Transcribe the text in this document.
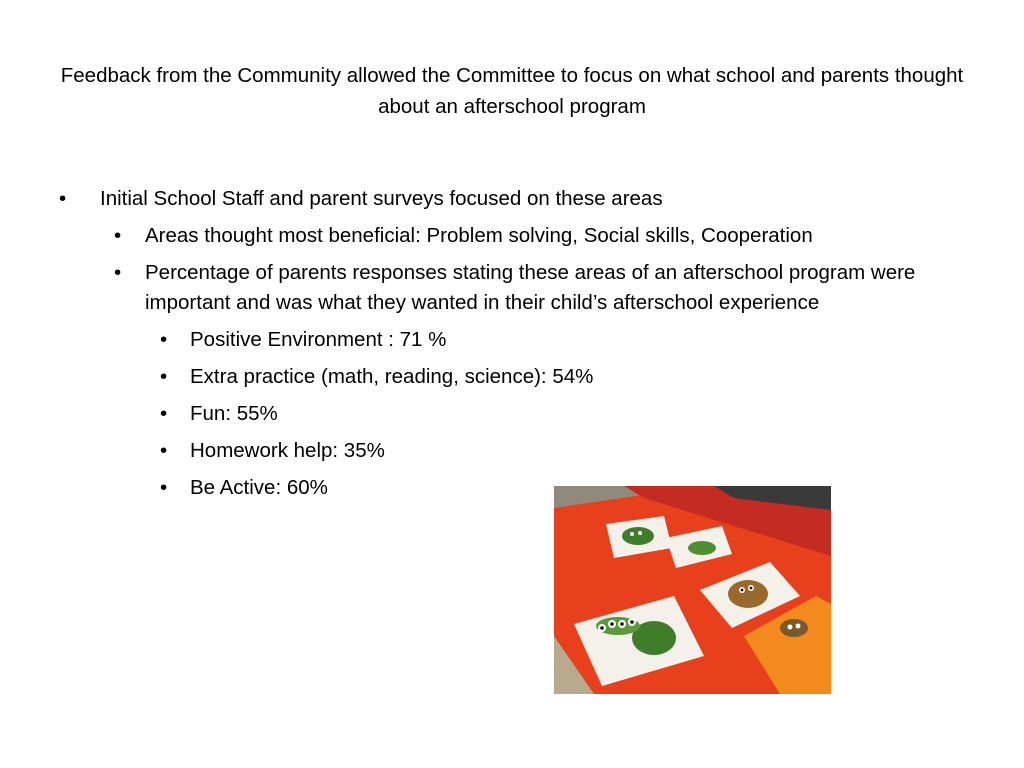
Feedback from the Community allowed the Committee to focus on what school and parents thought about an afterschool program
• Initial School Staff and parent surveys focused on these areas
• Areas thought most beneficial: Problem solving, Social skills, Cooperation
• Percentage of parents responses stating these areas of an afterschool program were important and was what they wanted in their child’s afterschool experience
• Positive Environment : 71 %
• Extra practice (math, reading, science): 54%
• Fun: 55%
• Homework help: 35%
• Be Active: 60%
